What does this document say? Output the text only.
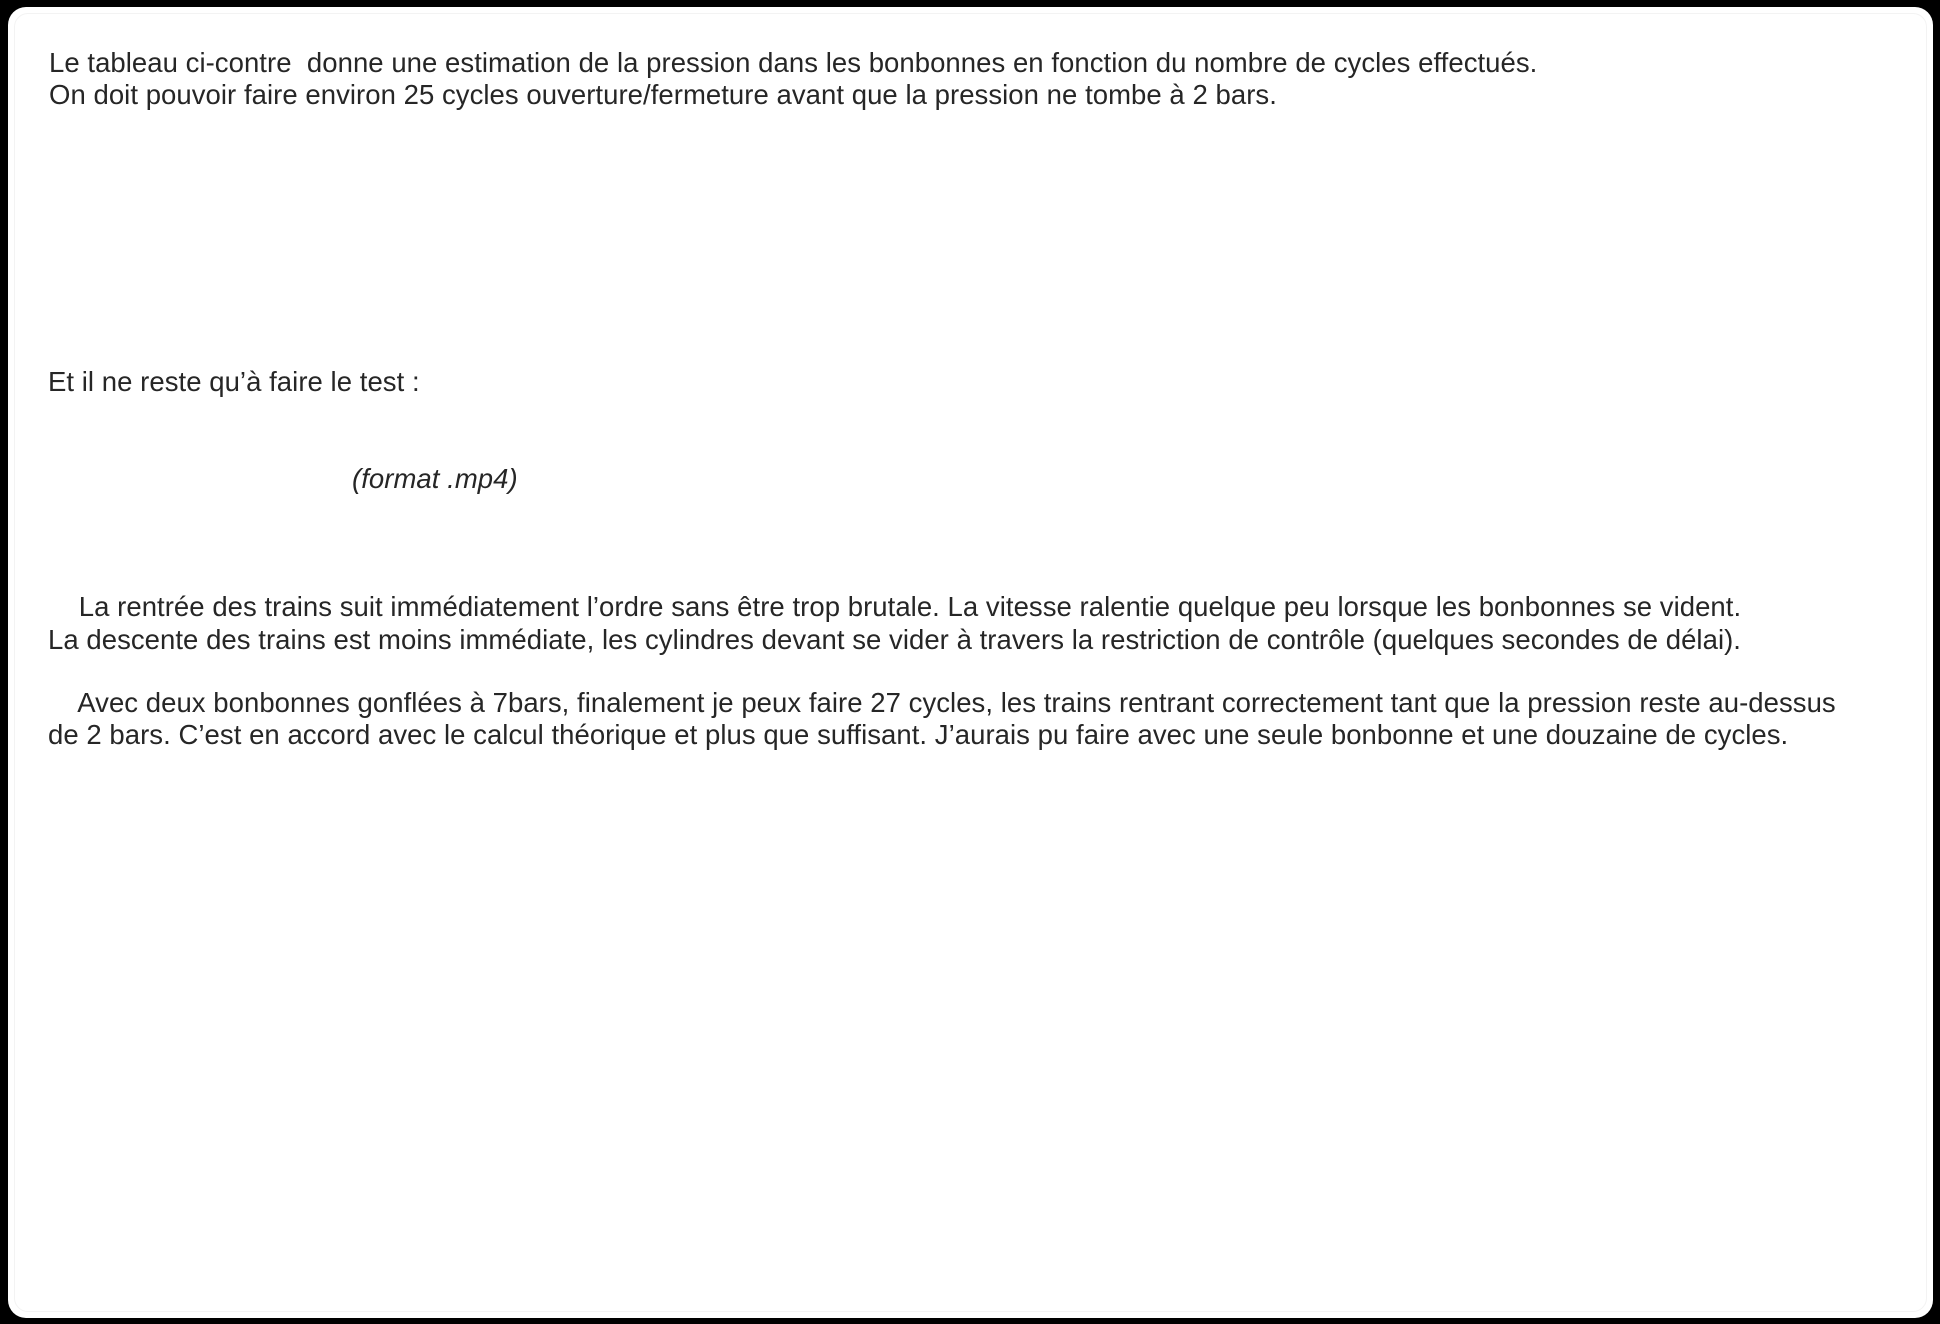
Le tableau ci-contre  donne une estimation de la pression dans les bonbonnes en fonction du nombre de cycles effectués.
On doit pouvoir faire environ 25 cycles ouverture/fermeture avant que la pression ne tombe à 2 bars.
Et il ne reste qu’à faire le test :
(format .mp4)
La rentrée des trains suit immédiatement l’ordre sans être trop brutale. La vitesse ralentie quelque peu lorsque les bonbonnes se vident.
La descente des trains est moins immédiate, les cylindres devant se vider à travers la restriction de contrôle (quelques secondes de délai).
Avec deux bonbonnes gonflées à 7bars, finalement je peux faire 27 cycles, les trains rentrant correctement tant que la pression reste au-dessus
de 2 bars. C’est en accord avec le calcul théorique et plus que suffisant. J’aurais pu faire avec une seule bonbonne et une douzaine de cycles.
